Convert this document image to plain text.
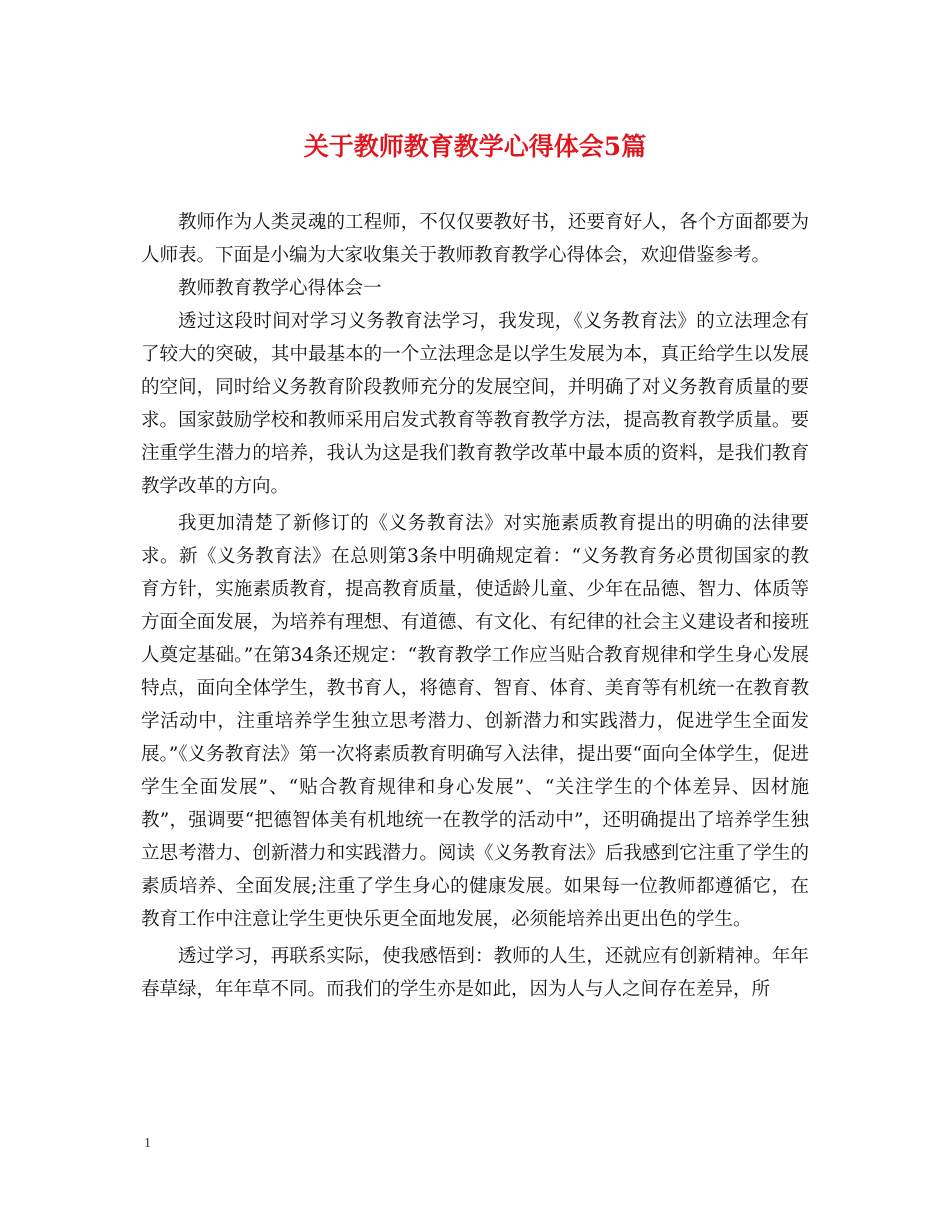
关于教师教育教学心得体会5篇

教师作为人类灵魂的工程师，不仅仅要教好书，还要育好人，各个方面都要为人师表。下面是小编为大家收集关于教师教育教学心得体会，欢迎借鉴参考。

教师教育教学心得体会一

透过这段时间对学习义务教育法学习，我发现，《义务教育法》的立法理念有了较大的突破，其中最基本的一个立法理念是以学生发展为本，真正给学生以发展的空间，同时给义务教育阶段教师充分的发展空间，并明确了对义务教育质量的要求。国家鼓励学校和教师采用启发式教育等教育教学方法，提高教育教学质量。要注重学生潜力的培养，我认为这是我们教育教学改革中最本质的资料，是我们教育教学改革的方向。

我更加清楚了新修订的《义务教育法》对实施素质教育提出的明确的法律要求。新《义务教育法》在总则第3条中明确规定着：“义务教育务必贯彻国家的教育方针，实施素质教育，提高教育质量，使适龄儿童、少年在品德、智力、体质等方面全面发展，为培养有理想、有道德、有文化、有纪律的社会主义建设者和接班人奠定基础。”在第34条还规定：“教育教学工作应当贴合教育规律和学生身心发展特点，面向全体学生，教书育人，将德育、智育、体育、美育等有机统一在教育教学活动中，注重培养学生独立思考潜力、创新潜力和实践潜力，促进学生全面发展。”《义务教育法》第一次将素质教育明确写入法律，提出要“面向全体学生，促进学生全面发展”、“贴合教育规律和身心发展”、“关注学生的个体差异、因材施教”，强调要“把德智体美有机地统一在教学的活动中”，还明确提出了培养学生独立思考潜力、创新潜力和实践潜力。阅读《义务教育法》后我感到它注重了学生的素质培养、全面发展;注重了学生身心的健康发展。如果每一位教师都遵循它，在教育工作中注意让学生更快乐更全面地发展，必须能培养出更出色的学生。

透过学习，再联系实际，使我感悟到：教师的人生，还就应有创新精神。年年春草绿，年年草不同。而我们的学生亦是如此，因为人与人之间存在差异，所

1
